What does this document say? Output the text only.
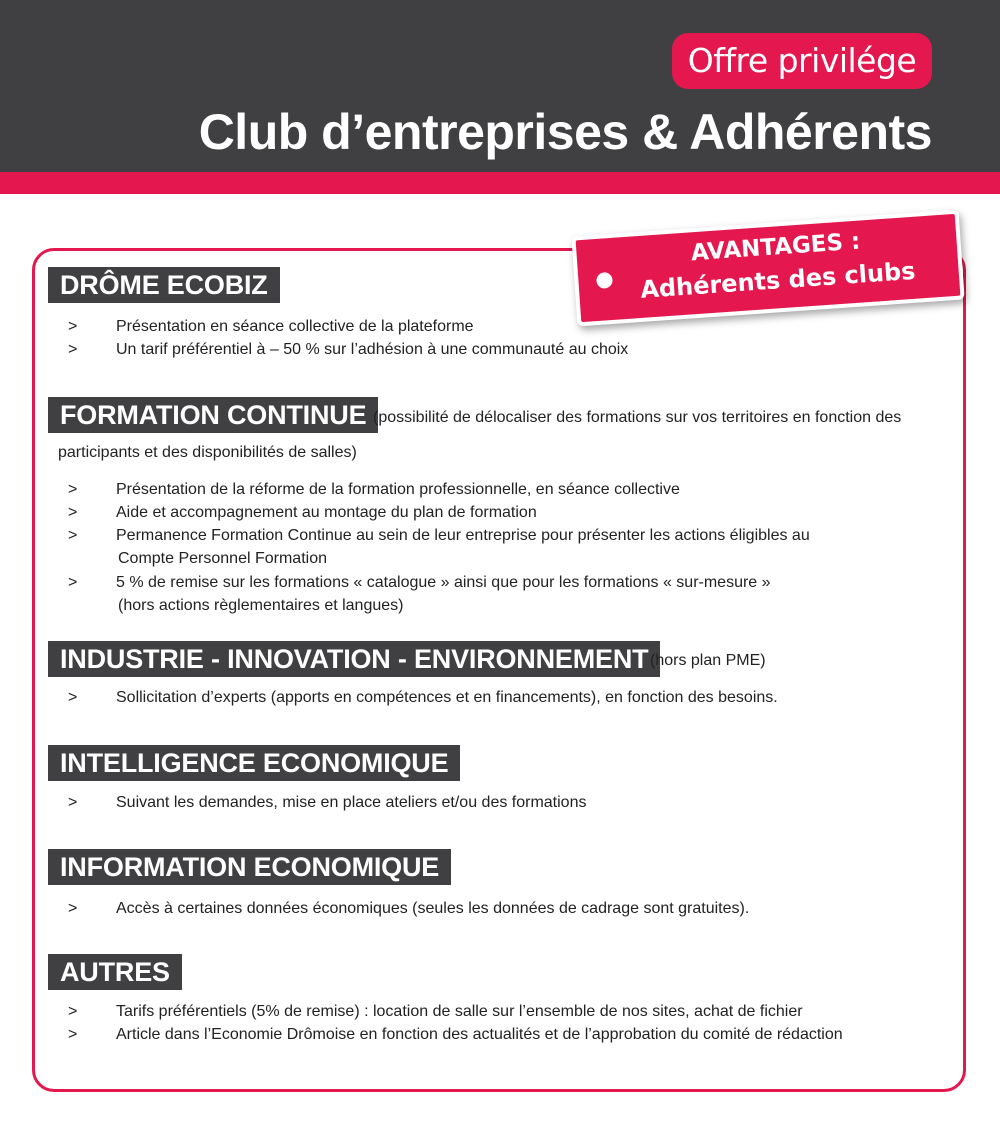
Offre privilége
Club d’entreprises & Adhérents
AVANTAGES :
Adhérents des clubs
DRÔME ECOBIZ
>	Présentation en séance collective de la plateforme
>	Un tarif préférentiel à – 50 % sur l’adhésion à une communauté au choix
FORMATION CONTINUE (possibilité de délocaliser des formations sur vos territoires en fonction des
participants et des disponibilités de salles)
>	Présentation de la réforme de la formation professionnelle, en séance collective
>	Aide et accompagnement au montage du plan de formation
>	Permanence Formation Continue au sein de leur entreprise pour présenter les actions éligibles au
Compte Personnel Formation
>	5 % de remise sur les formations « catalogue » ainsi que pour les formations « sur-mesure »
(hors actions règlementaires et langues)
INDUSTRIE - INNOVATION - ENVIRONNEMENT (hors plan PME)
>	Sollicitation d’experts (apports en compétences et en financements), en fonction des besoins.
INTELLIGENCE ECONOMIQUE
>	Suivant les demandes, mise en place ateliers et/ou des formations
INFORMATION ECONOMIQUE
>	Accès à certaines données économiques (seules les données de cadrage sont gratuites).
AUTRES
>	Tarifs préférentiels (5% de remise) : location de salle sur l’ensemble de nos sites, achat de fichier
>	Article dans l’Economie Drômoise en fonction des actualités et de l’approbation du comité de rédaction
